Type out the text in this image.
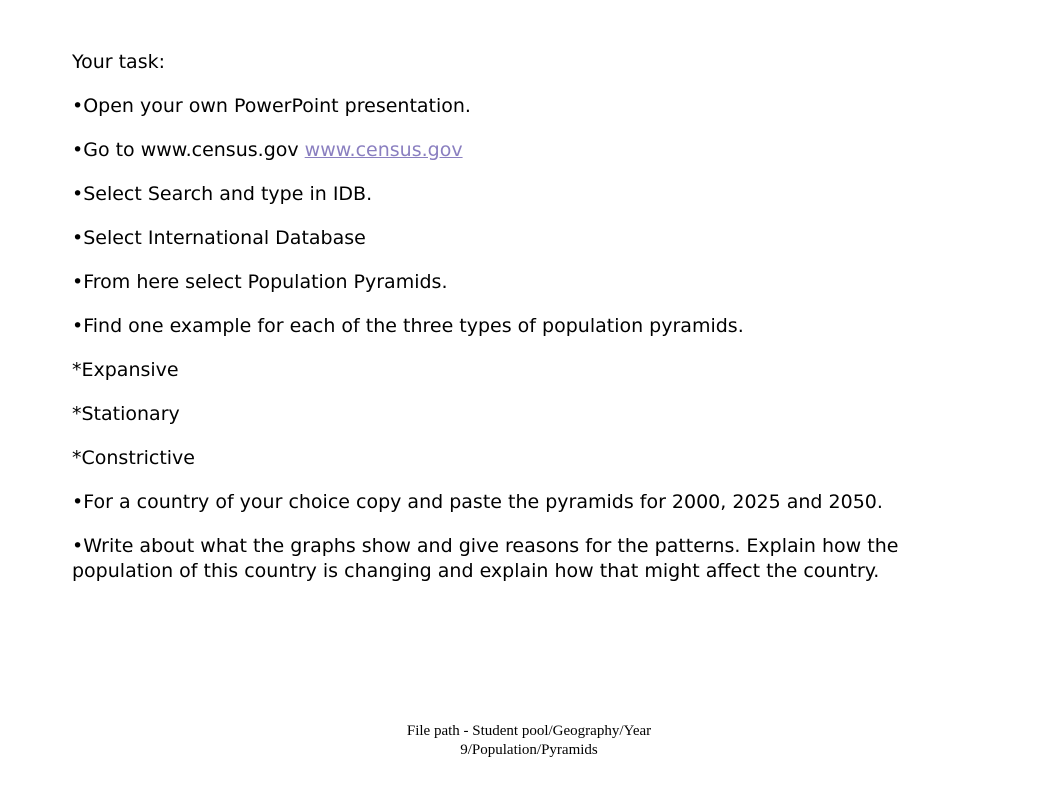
Your task:

•Open your own PowerPoint presentation.

•Go to www.census.gov www.census.gov

•Select Search and type in IDB.

•Select International Database

•From here select Population Pyramids.

•Find one example for each of the three types of population pyramids.

*Expansive

*Stationary

*Constrictive

•For a country of your choice copy and paste the pyramids for 2000, 2025 and 2050.

•Write about what the graphs show and give reasons for the patterns. Explain how the population of this country is changing and explain how that might affect the country.

File path - Student pool/Geography/Year
9/Population/Pyramids
